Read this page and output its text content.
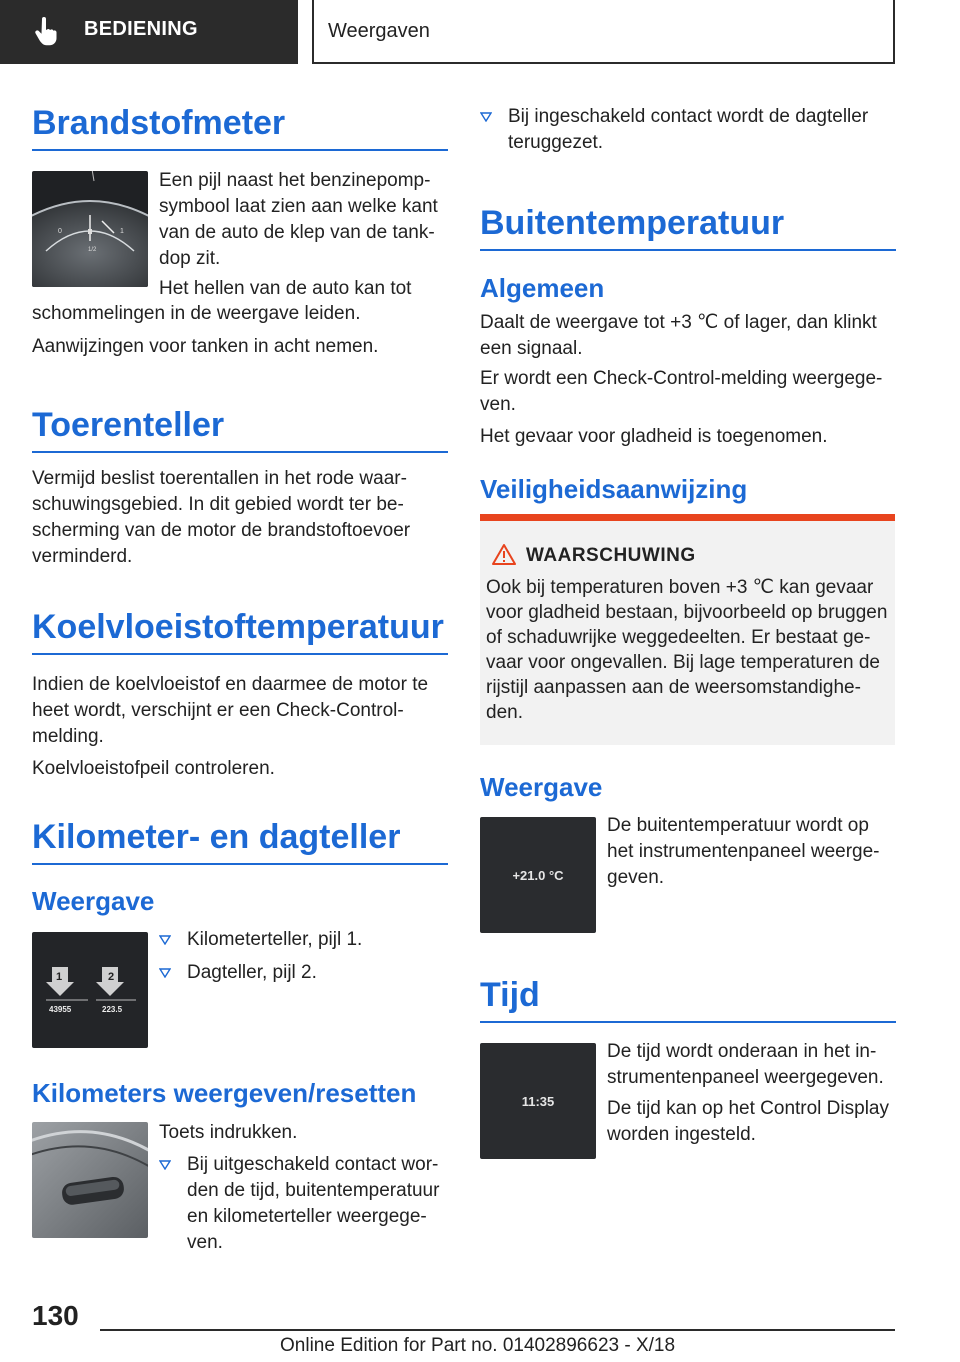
BEDIENING	Weergaven
Brandstofmeter
0	1
1/2
Een pijl naast het benzinepomp-
symbool laat zien aan welke kant
van de auto de klep van de tank-
dop zit.
Het hellen van de auto kan tot
schommelingen in de weergave leiden.
Aanwijzingen voor tanken in acht nemen.
Toerenteller
Vermijd beslist toerentallen in het rode waar-
schuwingsgebied. In dit gebied wordt ter be-
scherming van de motor de brandstoftoevoer
verminderd.
Koelvloeistoftemperatuur
Indien de koelvloeistof en daarmee de motor te
heet wordt, verschijnt er een Check-Control-
melding.
Koelvloeistofpeil controleren.
Kilometer- en dagteller
Weergave
1	2
43955	223.5
Kilometerteller, pijl 1.
Dagteller, pijl 2.
Kilometers weergeven/resetten
Toets indrukken.
Bij uitgeschakeld contact wor-
den de tijd, buitentemperatuur
en kilometerteller weergege-
ven.
Bij ingeschakeld contact wordt de dagteller
teruggezet.
Buitentemperatuur
Algemeen
Daalt de weergave tot +3 ℃ of lager, dan klinkt
een signaal.
Er wordt een Check-Control-melding weergege-
ven.
Het gevaar voor gladheid is toegenomen.
Veiligheidsaanwijzing
WAARSCHUWING
Ook bij temperaturen boven +3 ℃ kan gevaar
voor gladheid bestaan, bijvoorbeeld op bruggen
of schaduwrijke weggedeelten. Er bestaat ge-
vaar voor ongevallen. Bij lage temperaturen de
rijstijl aanpassen aan de weersomstandighe-
den.
Weergave
+21.0 °C
De buitentemperatuur wordt op
het instrumentenpaneel weerge-
geven.
Tijd
11:35
De tijd wordt onderaan in het in-
strumentenpaneel weergegeven.
De tijd kan op het Control Display
worden ingesteld.
130
Online Edition for Part no. 01402896623 - X/18
